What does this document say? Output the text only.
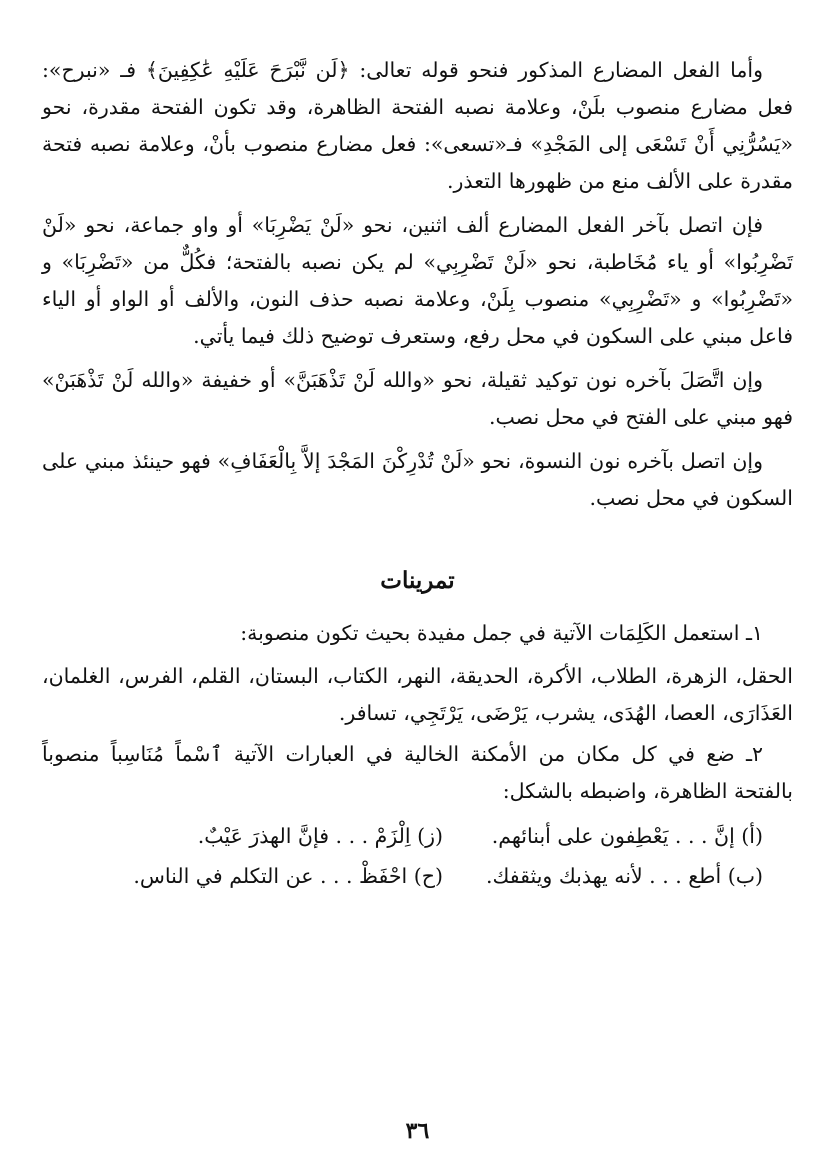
وأما الفعل المضارع المذكور فنحو قوله تعالى: ﴿لَن نَّبْرَحَ عَلَيْهِ عَٰكِفِينَ﴾ فـ «نبرح»: فعل مضارع منصوب بلَنْ، وعلامة نصبه الفتحة الظاهرة، وقد تكون الفتحة مقدرة، نحو «يَسُرُّنِي أَنْ تَسْعَى إلى المَجْدِ» فـ«تسعى»: فعل مضارع منصوب بأنْ، وعلامة نصبه فتحة مقدرة على الألف منع من ظهورها التعذر.

فإن اتصل بآخر الفعل المضارع ألف اثنين، نحو «لَنْ يَضْرِبَا» أو واو جماعة، نحو «لَنْ تَضْرِبُوا» أو ياء مُخَاطبة، نحو «لَنْ تَضْرِبِي» لم يكن نصبه بالفتحة؛ فكُلٌّ من «تَضْرِبَا» و «تَضْرِبُوا» و «تَضْرِبِي» منصوب بِلَنْ، وعلامة نصبه حذف النون، والألف أو الواو أو الياء فاعل مبني على السكون في محل رفع، وستعرف توضيح ذلك فيما يأتي.

وإن اتَّصَلَ بآخره نون توكيد ثقيلة، نحو «والله لَنْ تَذْهَبَنَّ» أو خفيفة «والله لَنْ تَذْهَبَنْ» فهو مبني على الفتح في محل نصب.

وإن اتصل بآخره نون النسوة، نحو «لَنْ تُدْرِكْنَ المَجْدَ إلاَّ بِالْعَفَافِ» فهو حينئذ مبني على السكون في محل نصب.

تمرينات

١ـ استعمل الكَلِمَات الآتية في جمل مفيدة بحيث تكون منصوبة:

الحقل، الزهرة، الطلاب، الأكرة، الحديقة، النهر، الكتاب، البستان، القلم، الفرس، الغلمان، العَذَارَى، العصا، الهُدَى، يشرب، يَرْضَى، يَرْتَجِي، تسافر.

٢ـ ضع في كل مكان من الأمكنة الخالية في العبارات الآتية ٱسْماً مُنَاسِباً منصوباً بالفتحة الظاهرة، واضبطه بالشكل:

(أ) إنَّ . . . يَعْطِفون على أبنائهم.
(ز) اِلْزَمْ . . . فإنَّ الهذرَ عَيْبٌ.
(ب) أطع . . . لأنه يهذبك ويثقفك.
(ح) احْفَظْ . . . عن التكلم في الناس.
٣٦
